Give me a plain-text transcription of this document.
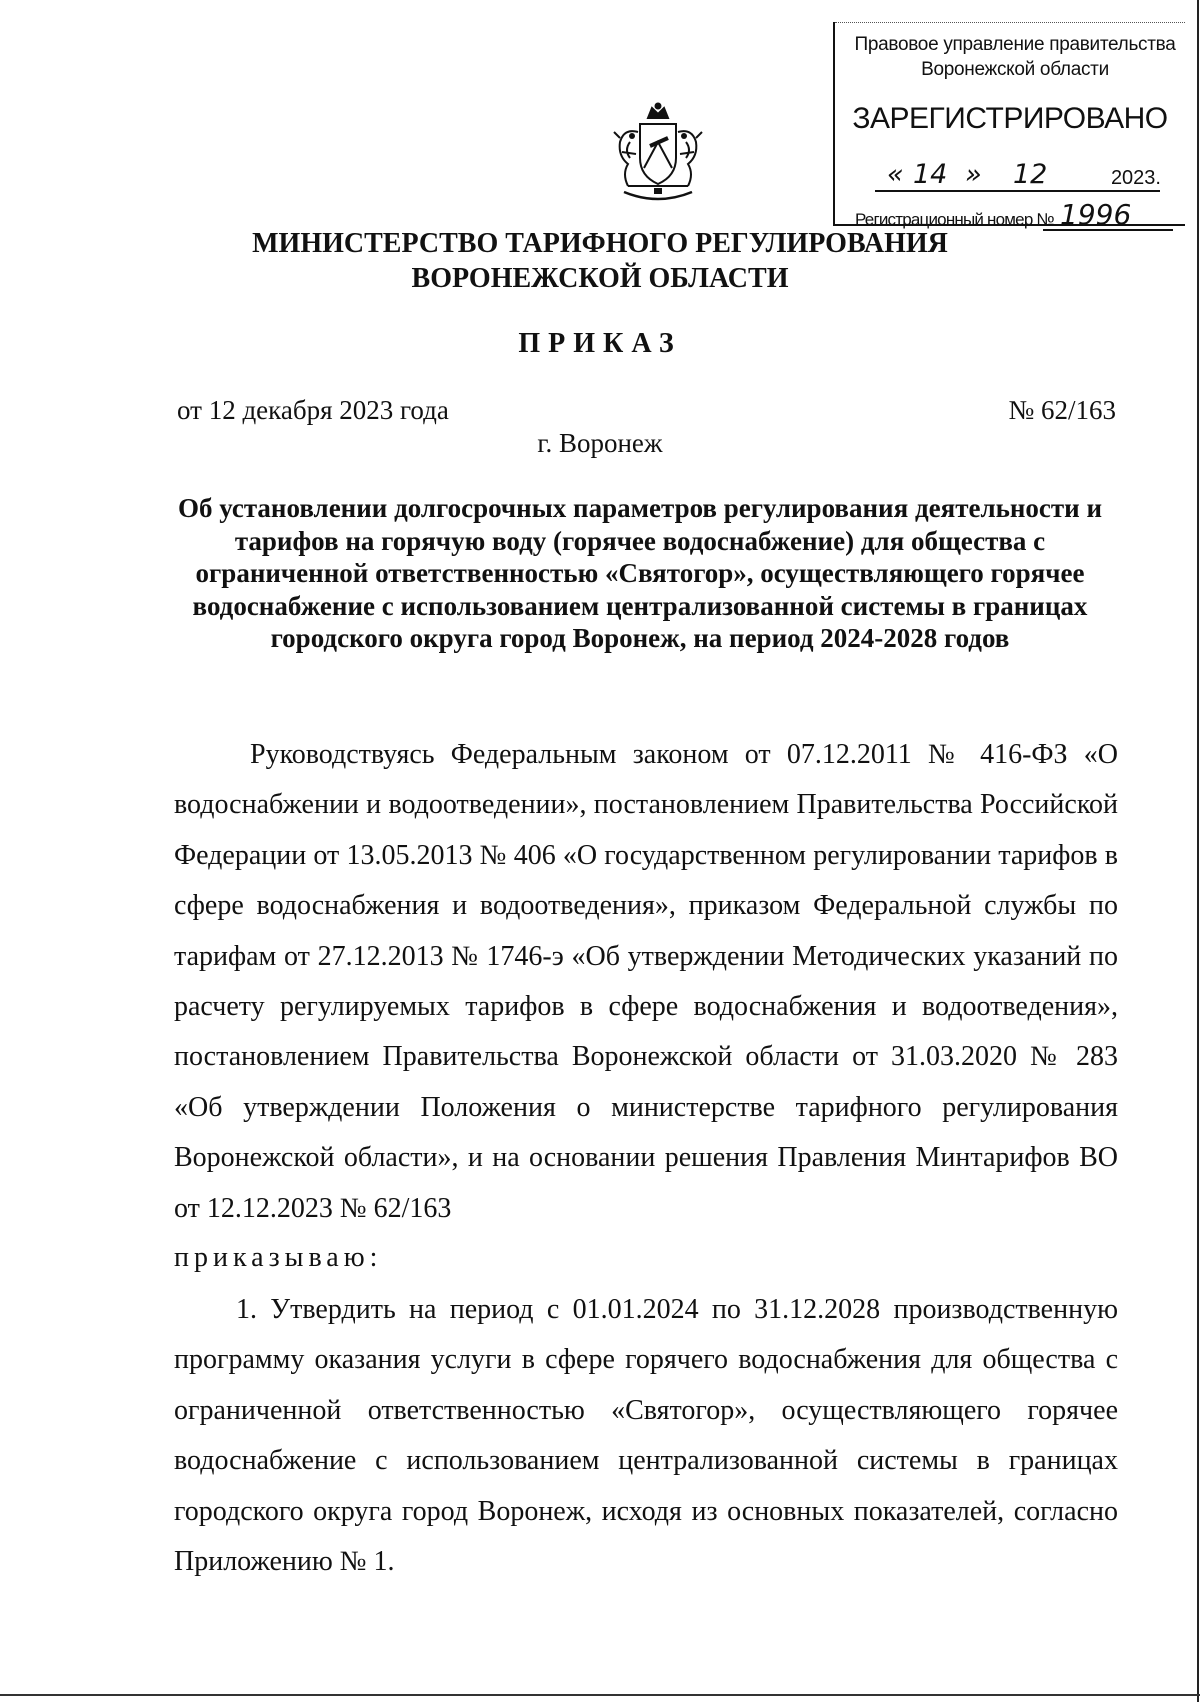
Правовое управление правительства
Воронежской области
ЗАРЕГИСТРИРОВАНО
« 14 » 12	2023.
Регистрационный номер № 1996
МИНИСТЕРСТВО ТАРИФНОГО РЕГУЛИРОВАНИЯ
ВОРОНЕЖСКОЙ ОБЛАСТИ
ПРИКАЗ
от 12 декабря 2023 года	№ 62/163
г. Воронеж
Об установлении долгосрочных параметров регулирования деятельности и тарифов на горячую воду (горячее водоснабжение) для общества с ограниченной ответственностью «Святогор», осуществляющего горячее водоснабжение с использованием централизованной системы в границах городского округа город Воронеж, на период 2024-2028 годов
Руководствуясь Федеральным законом от 07.12.2011 № 416-ФЗ «О водоснабжении и водоотведении», постановлением Правительства Российской Федерации от 13.05.2013 № 406 «О государственном регулировании тарифов в сфере водоснабжения и водоотведения», приказом Федеральной службы по тарифам от 27.12.2013 № 1746-э «Об утверждении Методических указаний по расчету регулируемых тарифов в сфере водоснабжения и водоотведения», постановлением Правительства Воронежской области от 31.03.2020 № 283 «Об утверждении Положения о министерстве тарифного регулирования Воронежской области», и на основании решения Правления Минтарифов ВО от 12.12.2023 № 62/163
приказываю:
1. Утвердить на период с 01.01.2024 по 31.12.2028 производственную программу оказания услуги в сфере горячего водоснабжения для общества с ограниченной ответственностью «Святогор», осуществляющего горячее водоснабжение с использованием централизованной системы в границах городского округа город Воронеж, исходя из основных показателей, согласно Приложению № 1.
